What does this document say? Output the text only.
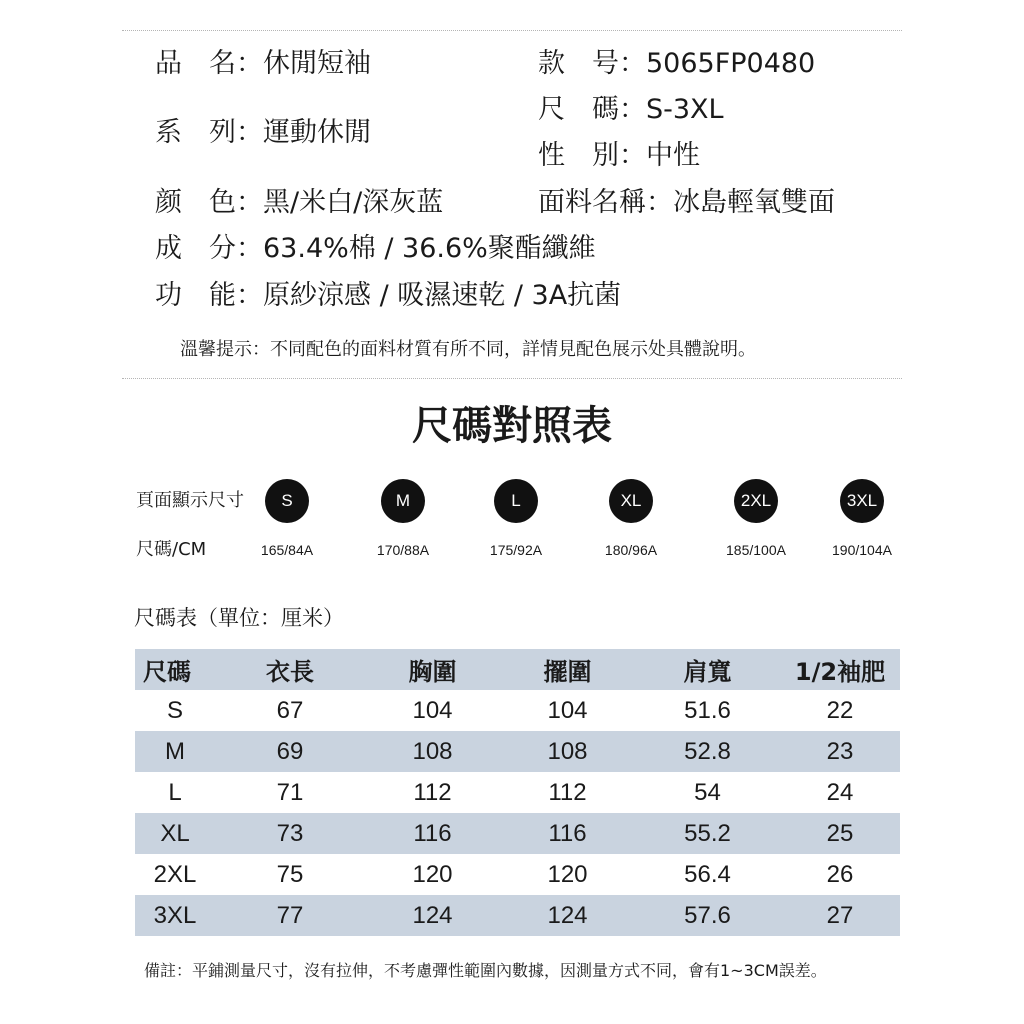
品　名：休閒短袖	款　号：5065FP0480
尺　碼：S-3XL
系　列：運動休閒
性　別：中性
颜　色：黑/米白/深灰蓝	面料名稱：冰島輕氧雙面
成　分：63.4%棉 / 36.6%聚酯纖維
功　能：原紗涼感 / 吸濕速乾 / 3A抗菌
溫馨提示：不同配色的面料材質有所不同，詳情見配色展示处具體說明。
尺碼對照表
頁面顯示尺寸	S	M	L	XL	2XL	3XL
尺碼/CM	165/84A	170/88A	175/92A	180/96A	185/100A	190/104A
尺碼表（單位：厘米）
尺碼	衣長	胸圍	擺圍	肩寬	1/2袖肥
S	67	104	104	51.6	22
M	69	108	108	52.8	23
L	71	112	112	54	24
XL	73	116	116	55.2	25
2XL	75	120	120	56.4	26
3XL	77	124	124	57.6	27
備註：平鋪測量尺寸，沒有拉伸，不考慮彈性範圍內數據，因測量方式不同，會有1~3CM誤差。
